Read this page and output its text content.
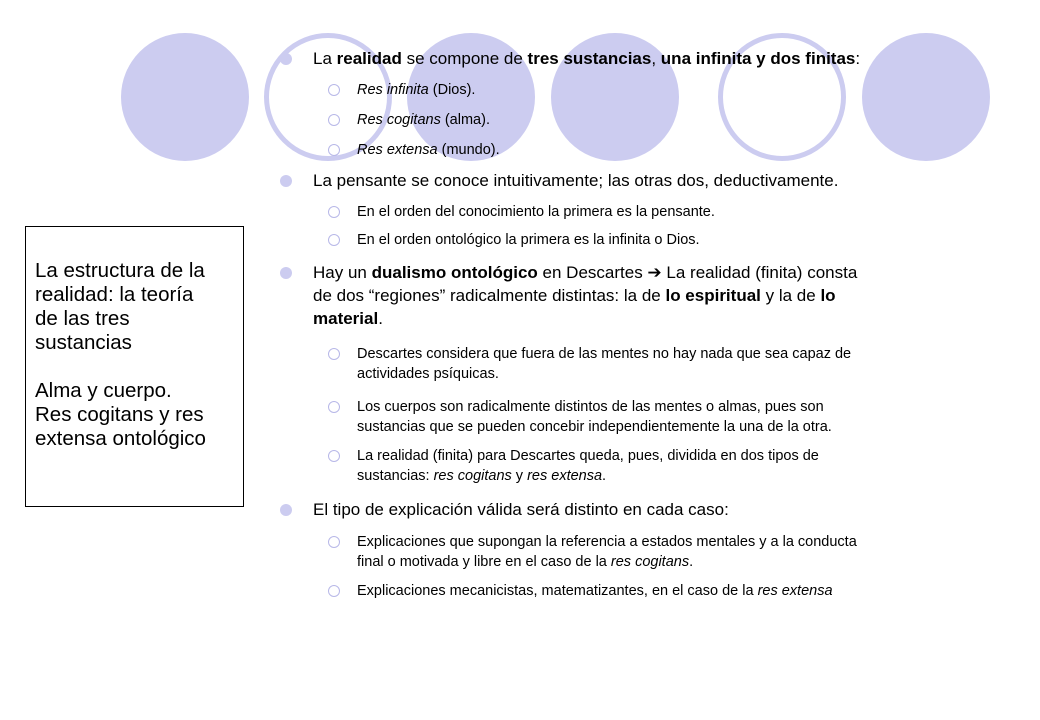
La estructura de la

realidad: la teoría

de las tres

sustancias

Alma y cuerpo.

Res cogitans y res

extensa ontológico

La realidad se compone de tres sustancias, una infinita y dos finitas:
Res infinita (Dios).
Res cogitans (alma).
Res extensa (mundo).
La pensante se conoce intuitivamente; las otras dos, deductivamente.
En el orden del conocimiento la primera es la pensante.
En el orden ontológico la primera es la infinita o Dios.
Hay un dualismo ontológico en Descartes ➔ La realidad (finita) consta
de dos “regiones” radicalmente distintas: la de lo espiritual y la de lo
material.
Descartes considera que fuera de las mentes no hay nada que sea capaz de
actividades psíquicas.
Los cuerpos son radicalmente distintos de las mentes o almas, pues son
sustancias que se pueden concebir independientemente la una de la otra.
La realidad (finita) para Descartes queda, pues, dividida en dos tipos de
sustancias: res cogitans y res extensa.
El tipo de explicación válida será distinto en cada caso:
Explicaciones que supongan la referencia a estados mentales y a la conducta
final o motivada y libre en el caso de la res cogitans.
Explicaciones mecanicistas, matematizantes, en el caso de la res extensa
